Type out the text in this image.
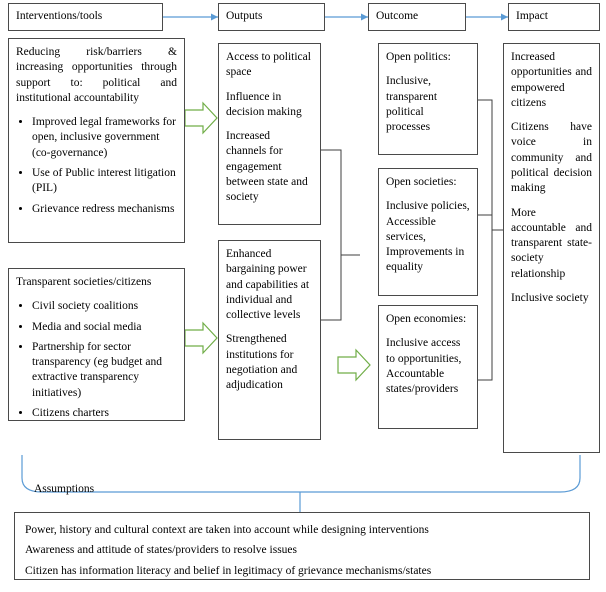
Interventions/tools	Outputs	Outcome	Impact

Reducing risk/barriers & increasing opportunities through support to: political and institutional accountability

• Improved legal frameworks for open, inclusive government (co-governance)
• Use of Public interest litigation (PIL)
• Grievance redress mechanisms

Transparent societies/citizens

• Civil society coalitions
• Media and social media
• Partnership for sector transparency (eg budget and extractive transparency initiatives)
• Citizens charters

Access to political space

Influence in decision making

Increased channels for engagement between state and society

Enhanced bargaining power and capabilities at individual and collective levels

Strengthened institutions for negotiation and adjudication

Open politics:

Inclusive, transparent political processes

Open societies:

Inclusive policies, Accessible services, Improvements in equality

Open economies:

Inclusive access to opportunities, Accountable states/providers

Increased opportunities and empowered citizens

Citizens have voice in community and political decision making

More accountable and transparent state-society relationship

Inclusive society

Assumptions
Power, history and cultural context are taken into account while designing interventions
Awareness and attitude of states/providers to resolve issues
Citizen has information literacy and belief in legitimacy of grievance mechanisms/states
